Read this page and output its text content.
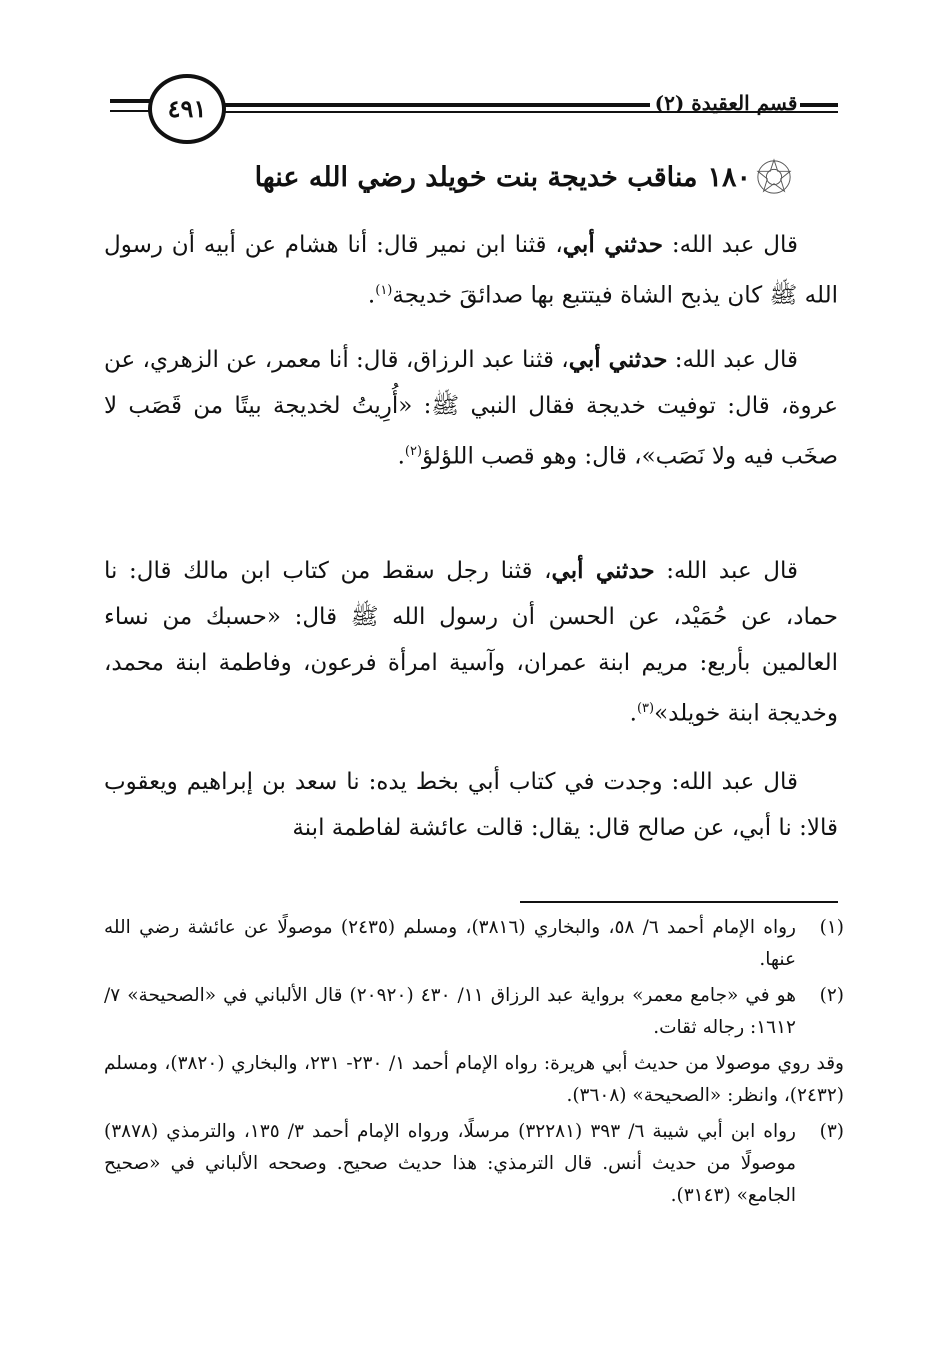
٤٩١	قسم العقيدة (٢)
١٨٠
مناقب خديجة بنت خويلد رضي الله عنها

قال عبد الله: حدثني أبي، قثنا ابن نمير قال: أنا هشام عن أبيه أن رسول الله ﷺ كان يذبح الشاة فيتتبع بها صدائقَ خديجة$^{(١)}$.

قال عبد الله: حدثني أبي، قثنا عبد الرزاق، قال: أنا معمر، عن الزهري، عن عروة، قال: توفيت خديجة فقال النبي ﷺ: «أُرِيتُ لخديجة بيتًا من قَصَب لا صخَب فيه ولا نَصَب»، قال: وهو قصب اللؤلؤ$^{(٢)}$.

قال عبد الله: حدثني أبي، قثنا رجل سقط من كتاب ابن مالك قال: نا حماد، عن حُمَيْد، عن الحسن أن رسول الله ﷺ قال: «حسبك من نساء العالمين بأربع: مريم ابنة عمران، وآسية امرأة فرعون، وفاطمة ابنة محمد، وخديجة ابنة خويلد»$^{(٣)}$.

قال عبد الله: وجدت في كتاب أبي بخط يده: نا سعد بن إبراهيم ويعقوب قالا: نا أبي، عن صالح قال: يقال: قالت عائشة لفاطمة ابنة

(١)
رواه الإمام أحمد ٦/ ٥٨، والبخاري (٣٨١٦)، ومسلم (٢٤٣٥) موصولًا عن عائشة رضي الله عنها.
(٢)
هو في «جامع معمر» برواية عبد الرزاق ١١/ ٤٣٠ (٢٠٩٢٠) قال الألباني في «الصحيحة» ٧/ ١٦١٢: رجاله ثقات.
وقد روي موصولا من حديث أبي هريرة: رواه الإمام أحمد ١/ ٢٣٠- ٢٣١، والبخاري (٣٨٢٠)، ومسلم (٢٤٣٢)، وانظر: «الصحيحة» (٣٦٠٨).
(٣)
رواه ابن أبي شيبة ٦/ ٣٩٣ (٣٢٢٨١) مرسلًا، ورواه الإمام أحمد ٣/ ١٣٥، والترمذي (٣٨٧٨) موصولًا من حديث أنس. قال الترمذي: هذا حديث صحيح. وصححه الألباني في «صحيح الجامع» (٣١٤٣).
